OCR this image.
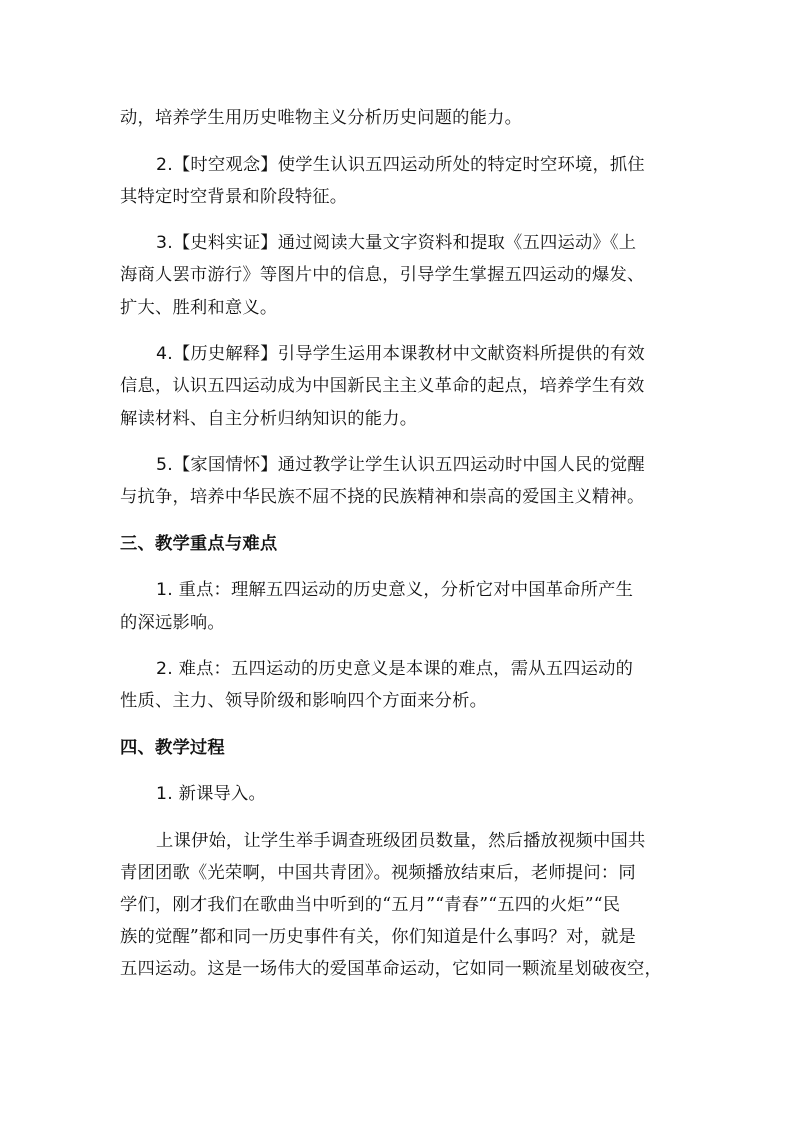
动，培养学生用历史唯物主义分析历史问题的能力。
2.【时空观念】使学生认识五四运动所处的特定时空环境，抓住
其特定时空背景和阶段特征。
3.【史料实证】通过阅读大量文字资料和提取《五四运动》《上
海商人罢市游行》等图片中的信息，引导学生掌握五四运动的爆发、
扩大、胜利和意义。
4.【历史解释】引导学生运用本课教材中文献资料所提供的有效
信息，认识五四运动成为中国新民主主义革命的起点，培养学生有效
解读材料、自主分析归纳知识的能力。
5.【家国情怀】通过教学让学生认识五四运动时中国人民的觉醒
与抗争，培养中华民族不屈不挠的民族精神和崇高的爱国主义精神。
三、教学重点与难点
1. 重点：理解五四运动的历史意义，分析它对中国革命所产生
的深远影响。
2. 难点：五四运动的历史意义是本课的难点，需从五四运动的
性质、主力、领导阶级和影响四个方面来分析。
四、教学过程
1. 新课导入。
上课伊始，让学生举手调查班级团员数量，然后播放视频中国共
青团团歌《光荣啊，中国共青团》。视频播放结束后，老师提问：同
学们，刚才我们在歌曲当中听到的“五月”“青春”“五四的火炬”“民
族的觉醒”都和同一历史事件有关，你们知道是什么事吗？对，就是
五四运动。这是一场伟大的爱国革命运动，它如同一颗流星划破夜空，
